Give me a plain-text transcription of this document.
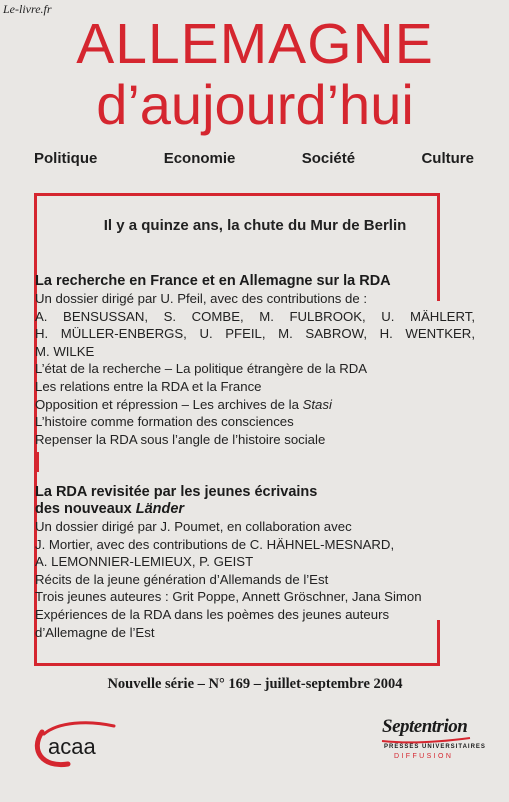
Le-livre.fr
ALLEMAGNE
d’aujourd’hui
Politique	Economie	Société	Culture
Il y a quinze ans, la chute du Mur de Berlin
La recherche en France et en Allemagne sur la RDA
Un dossier dirigé par U. Pfeil, avec des contributions de :
A. BENSUSSAN, S. COMBE, M. FULBROOK, U. MÄHLERT,
H. MÜLLER-ENBERGS, U. PFEIL, M. SABROW, H. WENTKER,
M. WILKE
L’état de la recherche – La politique étrangère de la RDA
Les relations entre la RDA et la France
Opposition et répression – Les archives de la Stasi
L’histoire comme formation des consciences
Repenser la RDA sous l’angle de l’histoire sociale
La RDA revisitée par les jeunes écrivains
des nouveaux Länder
Un dossier dirigé par J. Poumet, en collaboration avec
J. Mortier, avec des contributions de C. HÄHNEL-MESNARD,
A. LEMONNIER-LEMIEUX, P. GEIST
Récits de la jeune génération d’Allemands de l’Est
Trois jeunes auteures : Grit Poppe, Annett Gröschner, Jana Simon
Expériences de la RDA dans les poèmes des jeunes auteurs
d’Allemagne de l’Est
Nouvelle série – N° 169 – juillet-septembre 2004
acaa
Septentrion
PRESSES UNIVERSITAIRES
DIFFUSION
